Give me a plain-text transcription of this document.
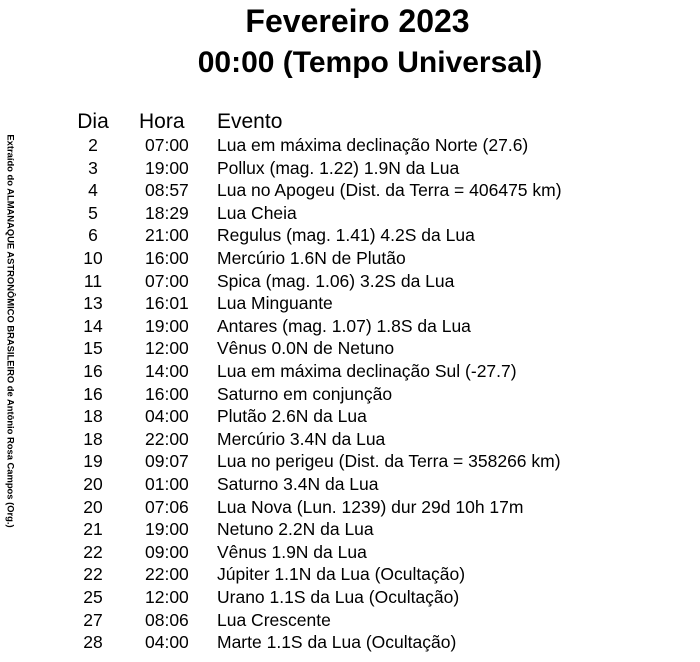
Extraído do ALMANAQUE ASTRONÔMICO BRASILEIRO de Antônio Rosa Campos (Org.)
Fevereiro 2023
00:00 (Tempo Universal)
Dia Hora	Evento
2	07:00	Lua em máxima declinação Norte (27.6)
3	19:00	Pollux (mag. 1.22) 1.9N da Lua
4	08:57	Lua no Apogeu (Dist. da Terra = 406475 km)
5	18:29	Lua Cheia
6	21:00	Regulus (mag. 1.41) 4.2S da Lua
10	16:00	Mercúrio 1.6N de Plutão
11	07:00	Spica (mag. 1.06) 3.2S da Lua
13	16:01	Lua Minguante
14	19:00	Antares (mag. 1.07) 1.8S da Lua
15	12:00	Vênus 0.0N de Netuno
16	14:00	Lua em máxima declinação Sul (-27.7)
16	16:00	Saturno em conjunção
18	04:00	Plutão 2.6N da Lua
18	22:00	Mercúrio 3.4N da Lua
19	09:07	Lua no perigeu (Dist. da Terra = 358266 km)
20	01:00	Saturno 3.4N da Lua
20	07:06	Lua Nova (Lun. 1239) dur 29d 10h 17m
21	19:00	Netuno 2.2N da Lua
22	09:00	Vênus 1.9N da Lua
22	22:00	Júpiter 1.1N da Lua (Ocultação)
25	12:00	Urano 1.1S da Lua (Ocultação)
27	08:06	Lua Crescente
28	04:00	Marte 1.1S da Lua (Ocultação)
